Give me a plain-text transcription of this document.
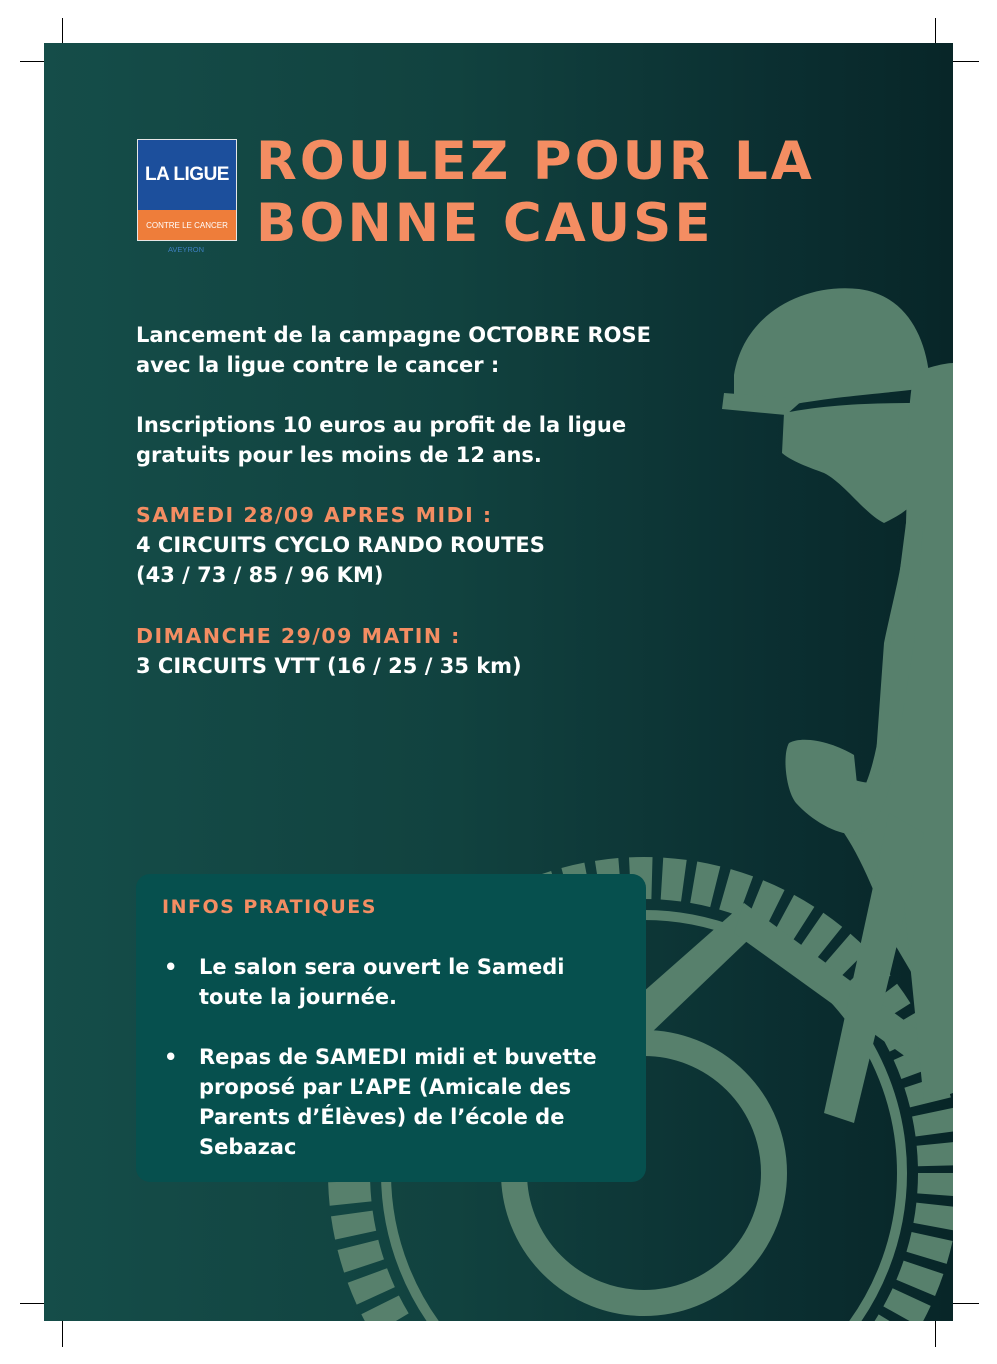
LA LIGUE
CONTRE LE CANCER
AVEYRON
ROULEZ POUR LA
BONNE CAUSE
Lancement de la campagne OCTOBRE ROSE avec la ligue contre le cancer :
Inscriptions 10 euros au profit de la ligue gratuits pour les moins de 12 ans.
SAMEDI 28/09 APRES MIDI :
4 CIRCUITS CYCLO RANDO ROUTES
(43 / 73 / 85 / 96 KM)
DIMANCHE 29/09 MATIN :
3 CIRCUITS VTT (16 / 25 / 35 km)
INFOS PRATIQUES
• Le salon sera ouvert le Samedi toute la journée.
• Repas de SAMEDI midi et buvette proposé par L’APE (Amicale des Parents d’Élèves) de l’école de Sebazac
